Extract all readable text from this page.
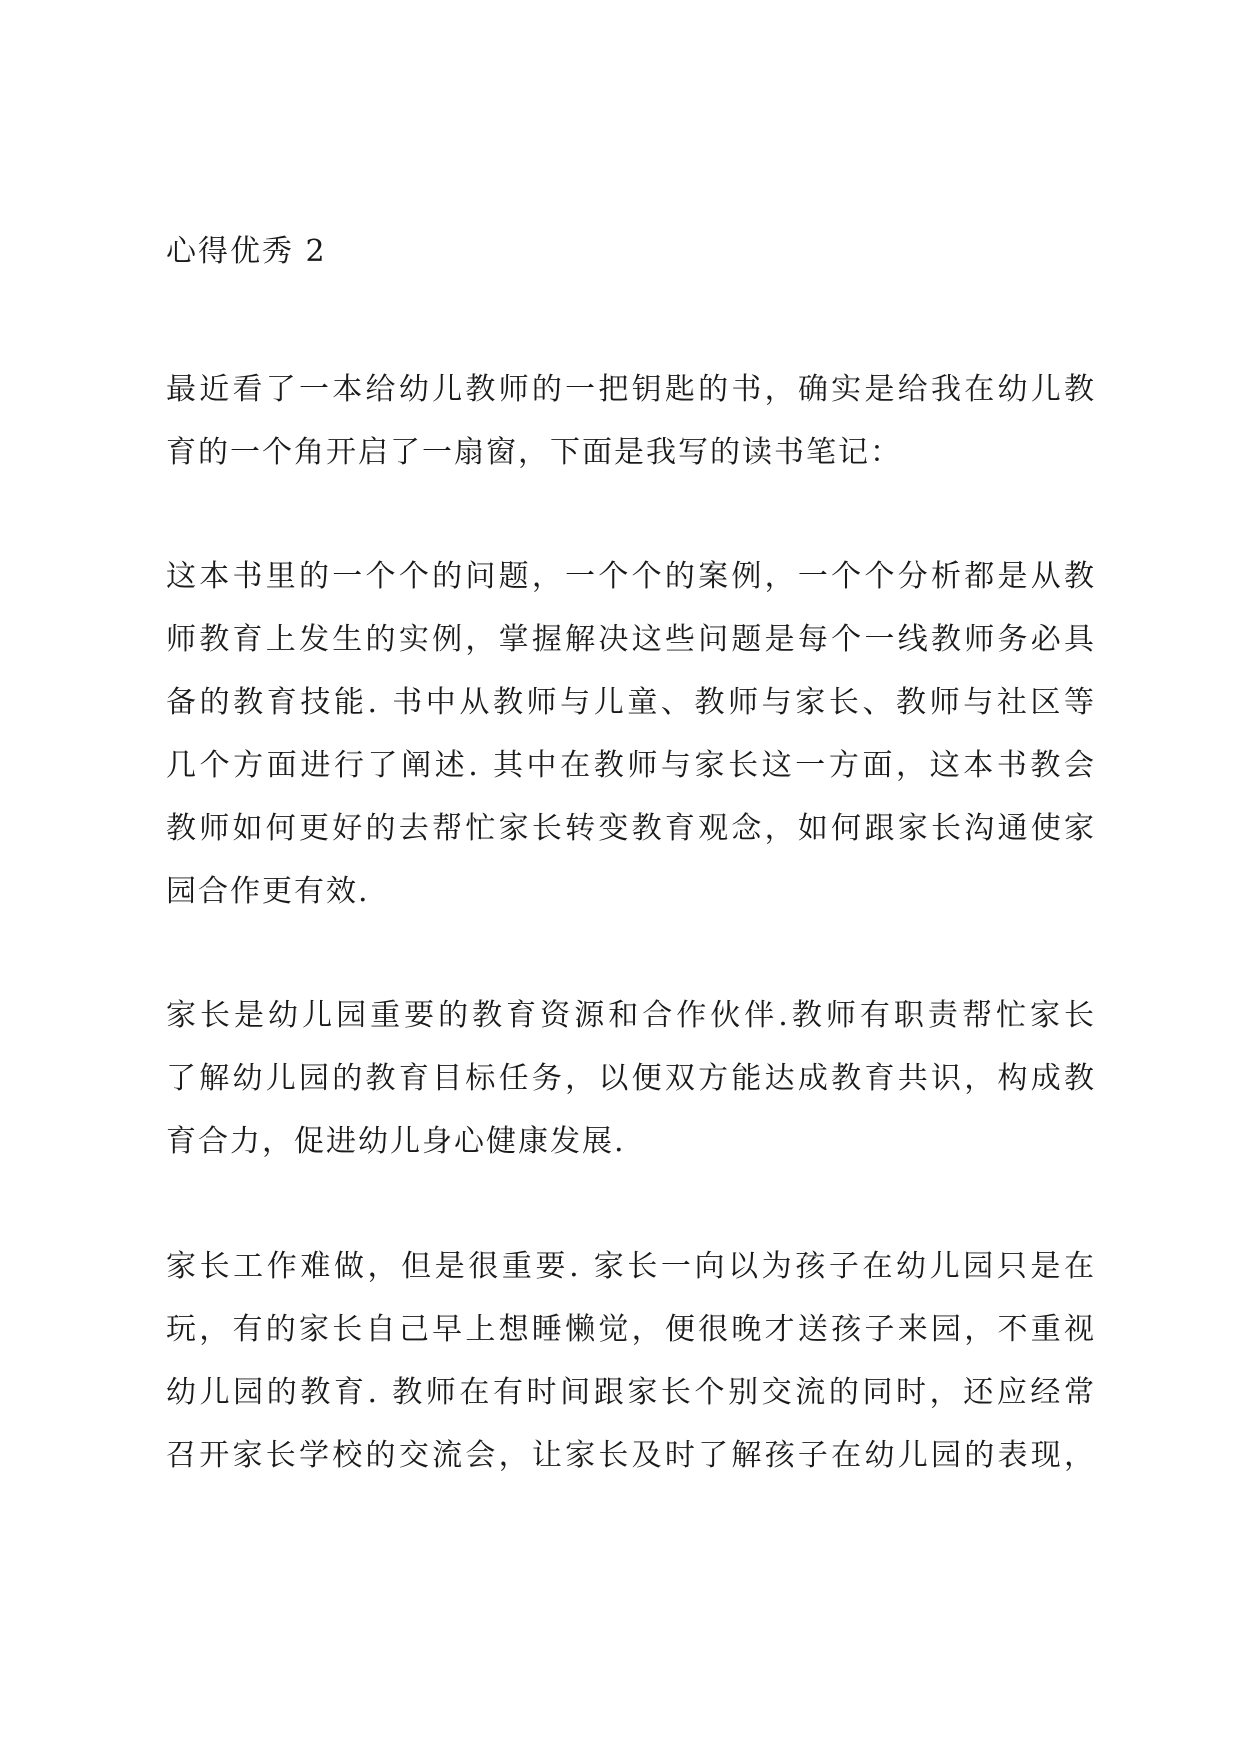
心得优秀 2
最近看了一本给幼儿教师的一把钥匙的书，确实是给我在幼儿教
育的一个角开启了一扇窗，下面是我写的读书笔记：
这本书里的一个个的问题，一个个的案例，一个个分析都是从教
师教育上发生的实例，掌握解决这些问题是每个一线教师务必具
备的教育技能. 书中从教师与儿童、教师与家长、教师与社区等
几个方面进行了阐述. 其中在教师与家长这一方面，这本书教会
教师如何更好的去帮忙家长转变教育观念，如何跟家长沟通使家
园合作更有效.
家长是幼儿园重要的教育资源和合作伙伴.教师有职责帮忙家长
了解幼儿园的教育目标任务，以便双方能达成教育共识，构成教
育合力，促进幼儿身心健康发展.
家长工作难做，但是很重要. 家长一向以为孩子在幼儿园只是在
玩，有的家长自己早上想睡懒觉，便很晚才送孩子来园，不重视
幼儿园的教育. 教师在有时间跟家长个别交流的同时，还应经常
召开家长学校的交流会，让家长及时了解孩子在幼儿园的表现，
